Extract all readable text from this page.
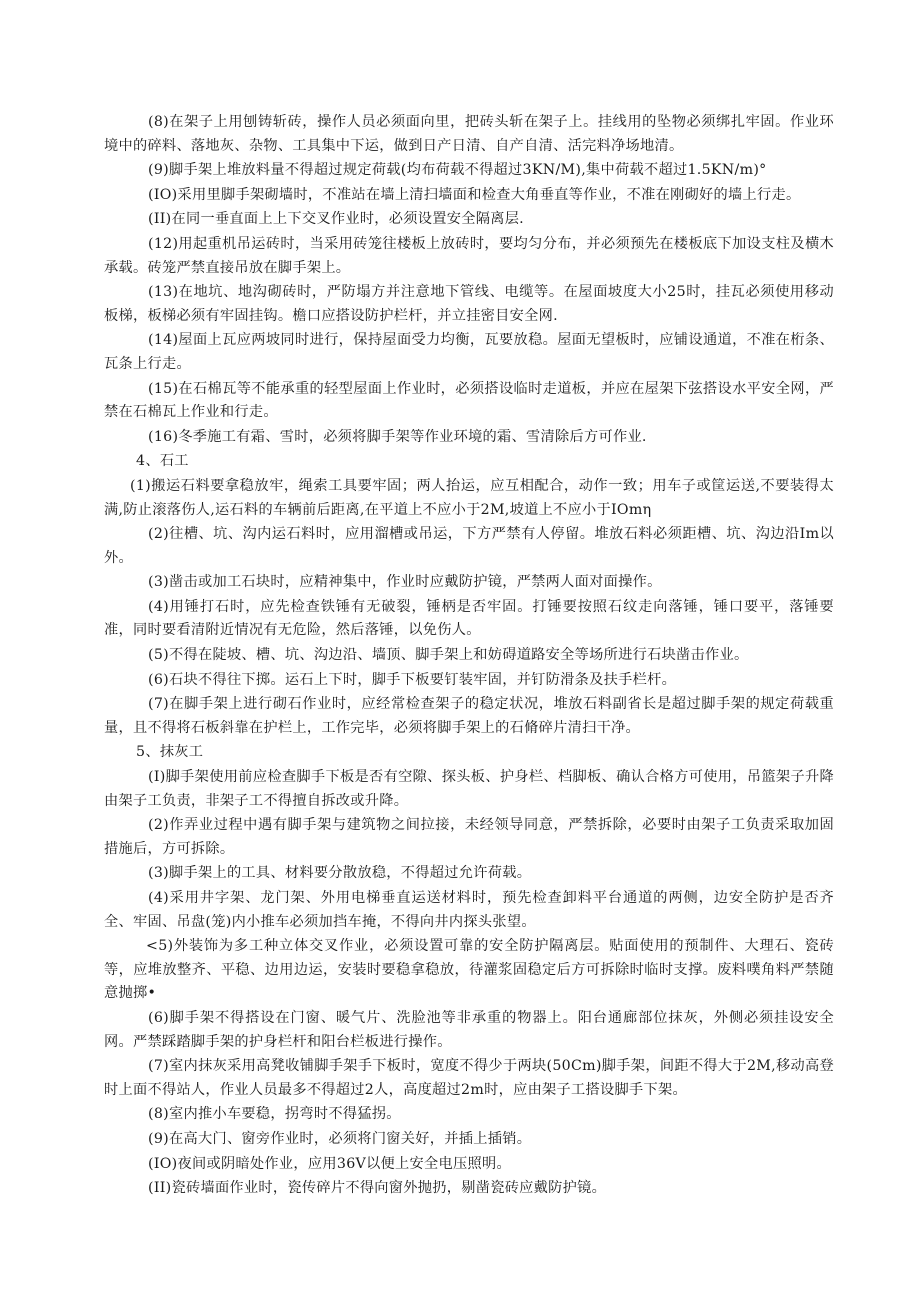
(8)在架子上用刨铸斩砖，操作人员必须面向里，把砖头斩在架子上。挂线用的坠物必须绑扎牢固。作业环境中的碎料、落地灰、杂物、工具集中下运，做到日产日清、自产自清、活完料净场地清。

(9)脚手架上堆放料量不得超过规定荷载(均布荷载不得超过3KN/M),集中荷载不超过1.5KN/m)°

(IO)采用里脚手架砌墙时，不准站在墙上清扫墙面和检查大角垂直等作业，不准在刚砌好的墙上行走。

(II)在同一垂直面上上下交叉作业时，必须设置安全隔离层.

(12)用起重机吊运砖时，当采用砖笼往楼板上放砖时，要均匀分布，并必须预先在楼板底下加设支柱及横木承载。砖笼严禁直接吊放在脚手架上。

(13)在地坑、地沟砌砖时，严防塌方并注意地下管线、电缆等。在屋面坡度大小25时，挂瓦必须使用移动板梯，板梯必须有牢固挂钩。檐口应搭设防护栏杆，并立挂密目安全网.

(14)屋面上瓦应两坡同时进行，保持屋面受力均衡，瓦要放稳。屋面无望板时，应铺设通道，不准在桁条、瓦条上行走。

(15)在石棉瓦等不能承重的轻型屋面上作业时，必须搭设临时走道板，并应在屋架下弦搭设水平安全网，严禁在石棉瓦上作业和行走。

(16)冬季施工有霜、雪时，必须将脚手架等作业环境的霜、雪清除后方可作业.

4、石工

(1)搬运石料要拿稳放牢，绳索工具要牢固；两人抬运，应互相配合，动作一致；用车子或筐运送,不要装得太满,防止滚落伤人,运石料的车辆前后距离,在平道上不应小于2M,坡道上不应小于IOmη

(2)往槽、坑、沟内运石料时，应用溜槽或吊运，下方严禁有人停留。堆放石料必须距槽、坑、沟边沿Im以外。

(3)凿击或加工石块时，应精神集中，作业时应戴防护镜，严禁两人面对面操作。

(4)用锤打石时，应先检查铁锤有无破裂，锤柄是否牢固。打锤要按照石纹走向落锤，锤口要平，落锤要准，同时要看清附近情况有无危险，然后落锤，以免伤人。

(5)不得在陡坡、槽、坑、沟边沿、墙顶、脚手架上和妨碍道路安全等场所进行石块凿击作业。

(6)石块不得往下掷。运石上下时，脚手下板要钉装牢固，并钉防滑条及扶手栏杆。

(7)在脚手架上进行砌石作业时，应经常检查架子的稳定状况，堆放石料副省长是超过脚手架的规定荷载重量，且不得将石板斜靠在护栏上，工作完毕，必须将脚手架上的石脩碎片清扫干净。

5、抹灰工

(I)脚手架使用前应检查脚手下板是否有空隙、探头板、护身栏、档脚板、确认合格方可使用，吊篮架子升降由架子工负责，非架子工不得擅自拆改或升降。

(2)作弄业过程中遇有脚手架与建筑物之间拉接，未经领导同意，严禁拆除，必要时由架子工负责采取加固措施后，方可拆除。

(3)脚手架上的工具、材料要分散放稳，不得超过允许荷载。

(4)采用井字架、龙门架、外用电梯垂直运送材料时，预先检查卸料平台通道的两侧，边安全防护是否齐全、牢固、吊盘(笼)内小推车必须加挡车掩，不得向井内探头张望。

<5)外装饰为多工种立体交叉作业，必须设置可靠的安全防护隔离层。贴面使用的预制件、大理石、瓷砖等，应堆放整齐、平稳、边用边运，安装时要稳拿稳放，待灌浆固稳定后方可拆除时临时支撑。废料噗角料严禁随意抛掷•

(6)脚手架不得搭设在门窗、暖气片、洗脸池等非承重的物器上。阳台通廊部位抹灰，外侧必须挂设安全网。严禁踩踏脚手架的护身栏杆和阳台栏板进行操作。

(7)室内抹灰采用高凳收铺脚手架手下板时，宽度不得少于两块(50Cm)脚手架，间距不得大于2M,移动高登时上面不得站人，作业人员最多不得超过2人，高度超过2m时，应由架子工搭设脚手下架。

(8)室内推小车要稳，拐弯时不得猛拐。

(9)在高大门、窗旁作业时，必须将门窗关好，并插上插销。

(IO)夜间或阴暗处作业，应用36V以便上安全电压照明。

(II)瓷砖墙面作业时，瓷传碎片不得向窗外抛扔，剔凿瓷砖应戴防护镜。
